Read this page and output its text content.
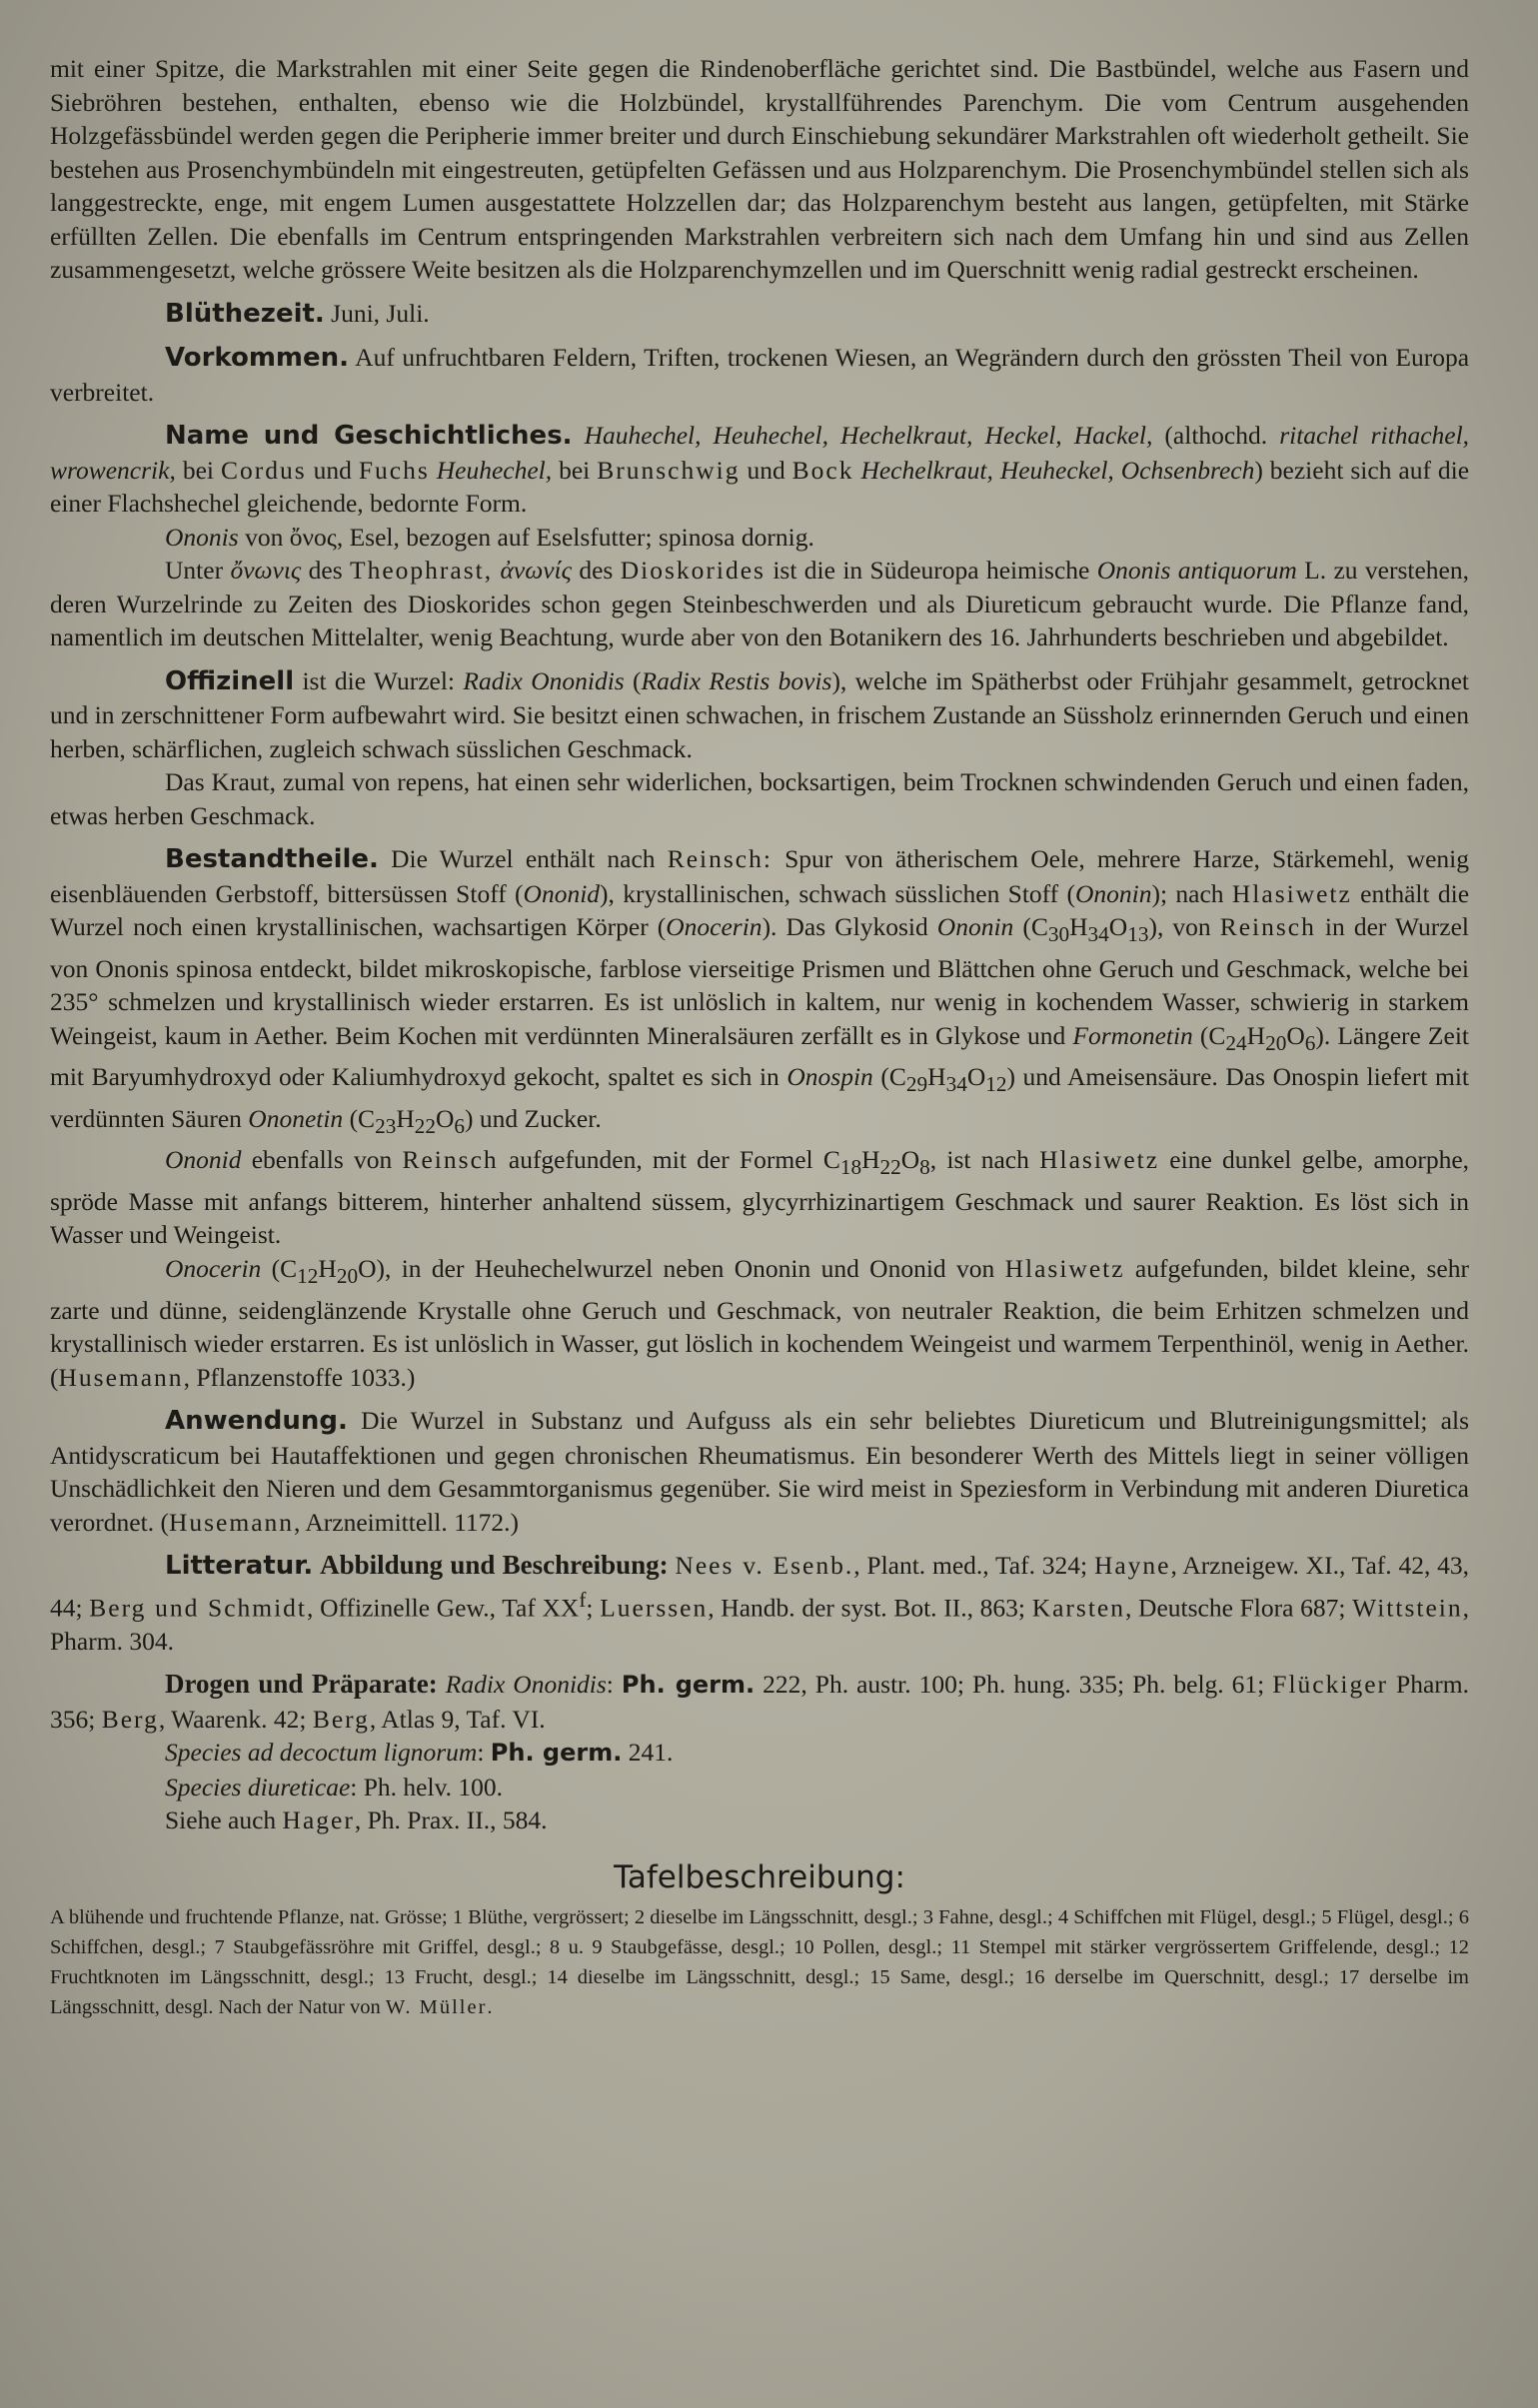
mit einer Spitze, die Markstrahlen mit einer Seite gegen die Rindenoberfläche gerichtet sind. Die Bastbündel, welche aus Fasern und Siebröhren bestehen, enthalten, ebenso wie die Holzbündel, krystallführendes Parenchym. Die vom Centrum ausgehenden Holzgefässbündel werden gegen die Peripherie immer breiter und durch Einschiebung sekundärer Markstrahlen oft wiederholt getheilt. Sie bestehen aus Prosenchymbündeln mit eingestreuten, getüpfelten Gefässen und aus Holzparenchym. Die Prosenchymbündel stellen sich als langgestreckte, enge, mit engem Lumen ausgestattete Holzzellen dar; das Holzparenchym besteht aus langen, getüpfelten, mit Stärke erfüllten Zellen. Die ebenfalls im Centrum entspringenden Markstrahlen verbreitern sich nach dem Umfang hin und sind aus Zellen zusammengesetzt, welche grössere Weite besitzen als die Holzparenchymzellen und im Querschnitt wenig radial gestreckt erscheinen.

Blüthezeit. Juni, Juli.

Vorkommen. Auf unfruchtbaren Feldern, Triften, trockenen Wiesen, an Wegrändern durch den grössten Theil von Europa verbreitet.

Name und Geschichtliches. Hauhechel, Heuhechel, Hechelkraut, Heckel, Hackel, (althochd. ritachel rithachel, wrowencrik, bei Cordus und Fuchs Heuhechel, bei Brunschwig und Bock Hechelkraut, Heuheckel, Ochsenbrech) bezieht sich auf die einer Flachshechel gleichende, bedornte Form.

Ononis von ὄνος, Esel, bezogen auf Eselsfutter; spinosa dornig.

Unter ὄνωνις des Theophrast, ἀνωνίς des Dioskorides ist die in Südeuropa heimische Ononis antiquorum L. zu verstehen, deren Wurzelrinde zu Zeiten des Dioskorides schon gegen Steinbeschwerden und als Diureticum gebraucht wurde. Die Pflanze fand, namentlich im deutschen Mittelalter, wenig Beachtung, wurde aber von den Botanikern des 16. Jahrhunderts beschrieben und abgebildet.

Offizinell ist die Wurzel: Radix Ononidis (Radix Restis bovis), welche im Spätherbst oder Frühjahr gesammelt, getrocknet und in zerschnittener Form aufbewahrt wird. Sie besitzt einen schwachen, in frischem Zustande an Süssholz erinnernden Geruch und einen herben, schärflichen, zugleich schwach süsslichen Geschmack.

Das Kraut, zumal von repens, hat einen sehr widerlichen, bocksartigen, beim Trocknen schwindenden Geruch und einen faden, etwas herben Geschmack.

Bestandtheile. Die Wurzel enthält nach Reinsch: Spur von ätherischem Oele, mehrere Harze, Stärkemehl, wenig eisenbläuenden Gerbstoff, bittersüssen Stoff (Ononid), krystallinischen, schwach süsslichen Stoff (Ononin); nach Hlasiwetz enthält die Wurzel noch einen krystallinischen, wachsartigen Körper (Onocerin). Das Glykosid Ononin $(C_{30}H_{34}O_{13})$, von Reinsch in der Wurzel von Ononis spinosa entdeckt, bildet mikroskopische, farblose vierseitige Prismen und Blättchen ohne Geruch und Geschmack, welche bei 235° schmelzen und krystallinisch wieder erstarren. Es ist unlöslich in kaltem, nur wenig in kochendem Wasser, schwierig in starkem Weingeist, kaum in Aether. Beim Kochen mit verdünnten Mineralsäuren zerfällt es in Glykose und Formonetin $(C_{24}H_{20}O_6)$. Längere Zeit mit Baryumhydroxyd oder Kaliumhydroxyd gekocht, spaltet es sich in Onospin $(C_{29}H_{34}O_{12})$ und Ameisensäure. Das Onospin liefert mit verdünnten Säuren Ononetin $(C_{23}H_{22}O_6)$ und Zucker.

Ononid ebenfalls von Reinsch aufgefunden, mit der Formel $C_{18}H_{22}O_8$, ist nach Hlasiwetz eine dunkel gelbe, amorphe, spröde Masse mit anfangs bitterem, hinterher anhaltend süssem, glycyrrhizinartigem Geschmack und saurer Reaktion. Es löst sich in Wasser und Weingeist.

Onocerin $(C_{12}H_{20}O)$, in der Heuhechelwurzel neben Ononin und Ononid von Hlasiwetz aufgefunden, bildet kleine, sehr zarte und dünne, seidenglänzende Krystalle ohne Geruch und Geschmack, von neutraler Reaktion, die beim Erhitzen schmelzen und krystallinisch wieder erstarren. Es ist unlöslich in Wasser, gut löslich in kochendem Weingeist und warmem Terpenthinöl, wenig in Aether. (Husemann, Pflanzenstoffe 1033.)

Anwendung. Die Wurzel in Substanz und Aufguss als ein sehr beliebtes Diureticum und Blutreinigungsmittel; als Antidyscraticum bei Hautaffektionen und gegen chronischen Rheumatismus. Ein besonderer Werth des Mittels liegt in seiner völligen Unschädlichkeit den Nieren und dem Gesammtorganismus gegenüber. Sie wird meist in Speziesform in Verbindung mit anderen Diuretica verordnet. (Husemann, Arzneimittell. 1172.)

Litteratur. Abbildung und Beschreibung: Nees v. Esenb., Plant. med., Taf. 324; Hayne, Arzneigew. XI., Taf. 42, 43, 44; Berg und Schmidt, Offizinelle Gew., Taf $XX^f$; Luerssen, Handb. der syst. Bot. II., 863; Karsten, Deutsche Flora 687; Wittstein, Pharm. 304.

Drogen und Präparate: Radix Ononidis: Ph. germ. 222, Ph. austr. 100; Ph. hung. 335; Ph. belg. 61; Flückiger Pharm. 356; Berg, Waarenk. 42; Berg, Atlas 9, Taf. VI.

Species ad decoctum lignorum: Ph. germ. 241.

Species diureticae: Ph. helv. 100.

Siehe auch Hager, Ph. Prax. II., 584.

Tafelbeschreibung:

A blühende und fruchtende Pflanze, nat. Grösse; 1 Blüthe, vergrössert; 2 dieselbe im Längsschnitt, desgl.; 3 Fahne, desgl.; 4 Schiffchen mit Flügel, desgl.; 5 Flügel, desgl.; 6 Schiffchen, desgl.; 7 Staubgefässröhre mit Griffel, desgl.; 8 u. 9 Staubgefässe, desgl.; 10 Pollen, desgl.; 11 Stempel mit stärker vergrössertem Griffelende, desgl.; 12 Fruchtknoten im Längsschnitt, desgl.; 13 Frucht, desgl.; 14 dieselbe im Längsschnitt, desgl.; 15 Same, desgl.; 16 derselbe im Querschnitt, desgl.; 17 derselbe im Längsschnitt, desgl. Nach der Natur von W. Müller.
